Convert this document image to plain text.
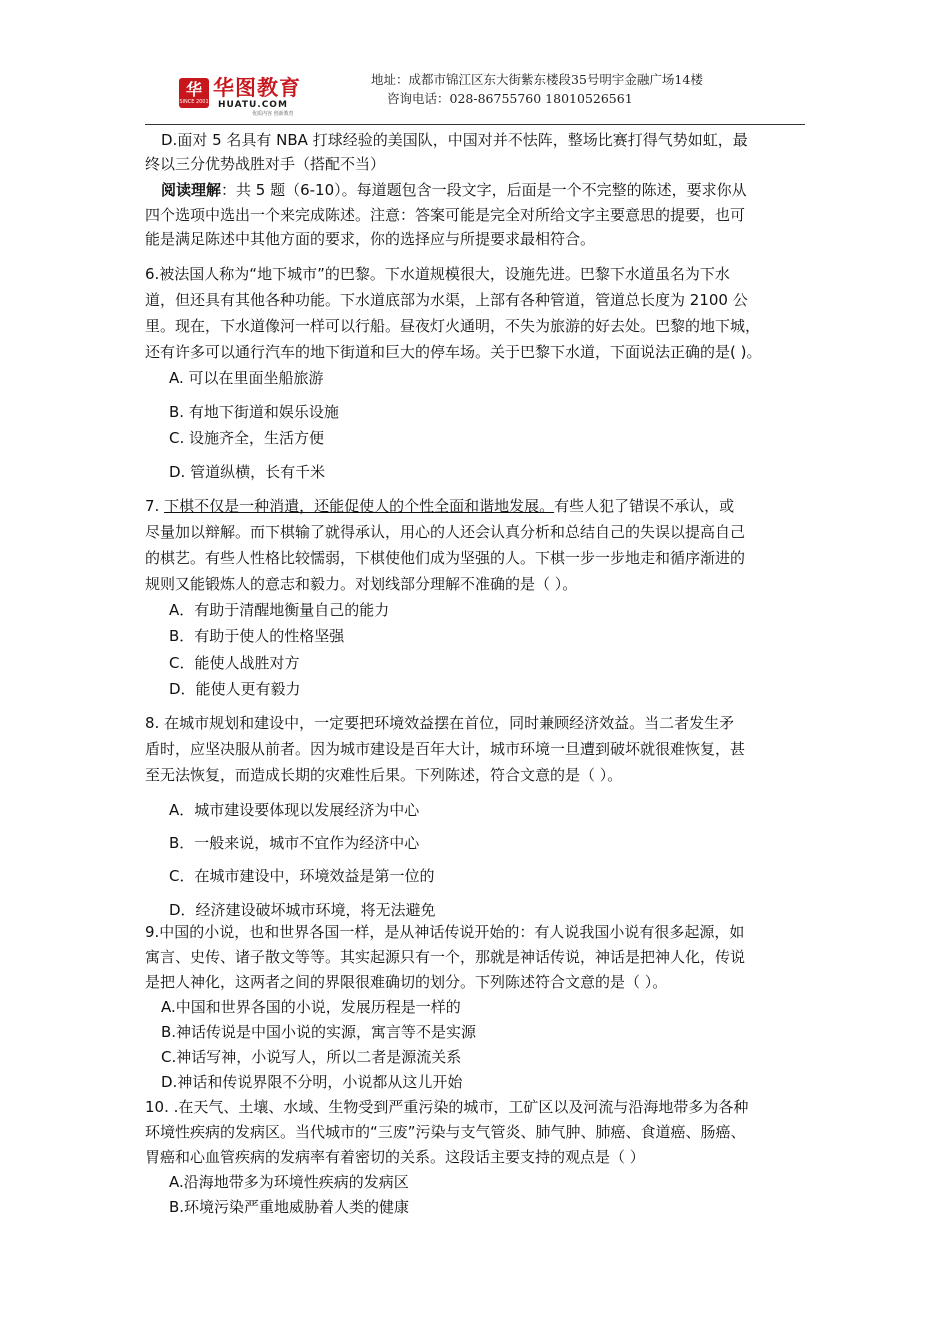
华
SINCE 2001
华图教育
HUATU.COM
优质内容 创新教育
地址：成都市锦江区东大街紫东楼段35号明宇金融广场14楼
咨询电话：028-86755760 18010526561
D.面对 5 名具有 NBA 打球经验的美国队，中国对并不怯阵，整场比赛打得气势如虹，最
终以三分优势战胜对手（搭配不当）
阅读理解：共 5 题（6-10）。每道题包含一段文字，后面是一个不完整的陈述，要求你从
四个选项中选出一个来完成陈述。注意：答案可能是完全对所给文字主要意思的提要，也可
能是满足陈述中其他方面的要求，你的选择应与所提要求最相符合。
6.被法国人称为“地下城市”的巴黎。下水道规模很大，设施先进。巴黎下水道虽名为下水
道，但还具有其他各种功能。下水道底部为水渠，上部有各种管道，管道总长度为 2100 公
里。现在，下水道像河一样可以行船。昼夜灯火通明，不失为旅游的好去处。巴黎的地下城，
还有许多可以通行汽车的地下街道和巨大的停车场。关于巴黎下水道，下面说法正确的是( )。
A. 可以在里面坐船旅游
B. 有地下街道和娱乐设施
C. 设施齐全，生活方便
D. 管道纵横，长有千米
7. 下棋不仅是一种消遣，还能促使人的个性全面和谐地发展。有些人犯了错误不承认，或
尽量加以辩解。而下棋输了就得承认，用心的人还会认真分析和总结自己的失误以提高自己
的棋艺。有些人性格比较懦弱，下棋使他们成为坚强的人。下棋一步一步地走和循序渐进的
规则又能锻炼人的意志和毅力。对划线部分理解不准确的是（ ）。
A．有助于清醒地衡量自己的能力
B．有助于使人的性格坚强
C．能使人战胜对方
D．能使人更有毅力
8. 在城市规划和建设中，一定要把环境效益摆在首位，同时兼顾经济效益。当二者发生矛
盾时，应坚决服从前者。因为城市建设是百年大计，城市环境一旦遭到破坏就很难恢复，甚
至无法恢复，而造成长期的灾难性后果。下列陈述，符合文意的是（ ）。
A．城市建设要体现以发展经济为中心
B．一般来说，城市不宜作为经济中心
C．在城市建设中，环境效益是第一位的
D．经济建设破坏城市环境，将无法避免
9.中国的小说，也和世界各国一样，是从神话传说开始的：有人说我国小说有很多起源，如
寓言、史传、诸子散文等等。其实起源只有一个，那就是神话传说，神话是把神人化，传说
是把人神化，这两者之间的界限很难确切的划分。下列陈述符合文意的是（ ）。
A.中国和世界各国的小说，发展历程是一样的
B.神话传说是中国小说的实源，寓言等不是实源
C.神话写神，小说写人，所以二者是源流关系
D.神话和传说界限不分明，小说都从这儿开始
10. .在天气、土壤、水域、生物受到严重污染的城市，工矿区以及河流与沿海地带多为各种
环境性疾病的发病区。当代城市的“三废”污染与支气管炎、肺气肿、肺癌、食道癌、肠癌、
胃癌和心血管疾病的发病率有着密切的关系。这段话主要支持的观点是（ ）
A.沿海地带多为环境性疾病的发病区
B.环境污染严重地威胁着人类的健康
